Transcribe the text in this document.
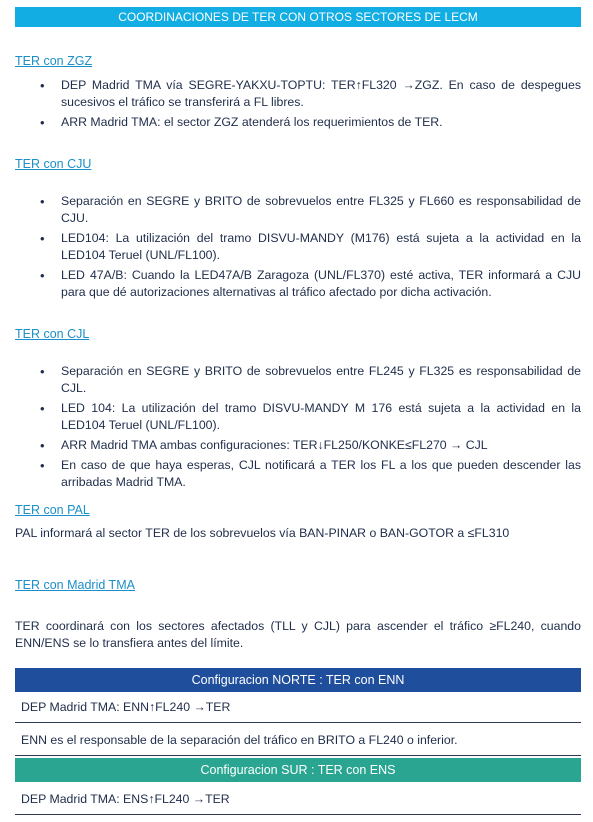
COORDINACIONES DE TER CON OTROS SECTORES DE LECM
TER con ZGZ
• DEP Madrid TMA vía SEGRE-YAKXU-TOPTU: TER↑FL320 →ZGZ. En caso de despegues sucesivos el tráfico se transferirá a FL libres.
• ARR Madrid TMA: el sector ZGZ atenderá los requerimientos de TER.
TER con CJU
• Separación en SEGRE y BRITO de sobrevuelos entre FL325 y FL660 es responsabilidad de CJU.
• LED104: La utilización del tramo DISVU-MANDY (M176) está sujeta a la actividad en la LED104 Teruel (UNL/FL100).
• LED 47A/B: Cuando la LED47A/B Zaragoza (UNL/FL370) esté activa, TER informará a CJU para que dé autorizaciones alternativas al tráfico afectado por dicha activación.
TER con CJL
• Separación en SEGRE y BRITO de sobrevuelos entre FL245 y FL325 es responsabilidad de CJL.
• LED 104: La utilización del tramo DISVU-MANDY M 176 está sujeta a la actividad en la LED104 Teruel (UNL/FL100).
• ARR Madrid TMA ambas configuraciones: TER↓FL250/KONKE≤FL270 → CJL
• En caso de que haya esperas, CJL notificará a TER los FL a los que pueden descender las arribadas Madrid TMA.
TER con PAL
PAL informará al sector TER de los sobrevuelos vía BAN-PINAR o BAN-GOTOR a ≤FL310
TER con Madrid TMA
TER coordinará con los sectores afectados (TLL y CJL) para ascender el tráfico ≥FL240, cuando ENN/ENS se lo transfiera antes del límite.
Configuracion NORTE : TER con ENN
DEP Madrid TMA: ENN↑FL240 →TER
ENN es el responsable de la separación del tráfico en BRITO a FL240 o inferior.
Configuracion SUR : TER con ENS
DEP Madrid TMA: ENS↑FL240 →TER
